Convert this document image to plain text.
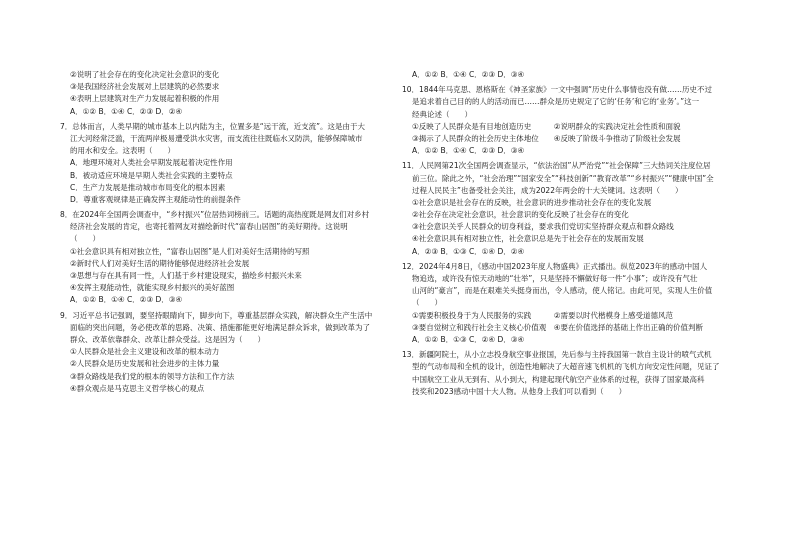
②说明了社会存在的变化决定社会意识的变化
③是我国经济社会发展对上层建筑的必然要求
④表明上层建筑对生产力发展起着积极的作用
A．①② B．①④ C．②③ D．②④
7．总体而言，人类早期的城市基本上以内陆为主，位置多是“远干流，近支流”。这是由于大
江大河经常泛滥，干流两岸极易遭受洪水灾害，而支流往往既临水又防洪，能够保障城市
的用水和安全。这表明（　　）
A．地理环境对人类社会早期发展起着决定性作用
B．被动适应环境是早期人类社会实践的主要特点
C．生产力发展是推动城市布局变化的根本因素
D．尊重客观规律是正确发挥主观能动性的前提条件
8．在2024年全国两会调查中，“乡村振兴”位居热词榜前三。话题的高热度既是网友们对乡村
经济社会发展的肯定，也寄托着网友对描绘新时代“富春山居图”的美好期待。这说明
（　　）
①社会意识具有相对独立性，“富春山居图”是人们对美好生活期待的写照
②新时代人们对美好生活的期待能够促进经济社会发展
③思想与存在具有同一性，人们基于乡村建设现实，描绘乡村振兴未来
④发挥主观能动性，就能实现乡村振兴的美好蓝图
A．①② B．①④ C．②③ D．③④
9．习近平总书记强调，要坚持眼睛向下，脚步向下，尊重基层群众实践，解决群众生产生活中
面临的突出问题，务必使改革的思路、决策、措施都能更好地满足群众诉求，做到改革为了
群众、改革依靠群众、改革让群众受益。这是因为（　　）
①人民群众是社会主义建设和改革的根本动力
②人民群众是历史发展和社会进步的主体力量
③群众路线是我们党的根本的领导方法和工作方法
④群众观点是马克思主义哲学核心的观点
A．①② B．①④ C．②③ D．③④
10．1844年马克思、恩格斯在《神圣家族》一文中强调“历史什么事情也没有做……历史不过
是追求着自己目的的人的活动而已……群众是历史规定了它的‘任务’和它的‘业务’。”这一
经典论述（　　）
①反映了人民群众是有目地创造历史　　　②说明群众的实践决定社会性质和面貌
③揭示了人民群众的社会历史主体地位　　④反映了阶级斗争推动了阶级社会发展
A．①② B．①④ C．②③ D．③④
11．人民网第21次全国两会调查显示，“依法治国”从严治党”“社会保障”三大热词关注度位居
前三位。除此之外，“社会治理”“国家安全”“科技创新”“教育改革”“乡村振兴”“健康中国”全
过程人民民主”也备受社会关注，成为2022年两会的十大关键词。这表明（　　）
①社会意识是社会存在的反映，社会意识的进步推动社会存在的变化发展
②社会存在决定社会意识，社会意识的变化反映了社会存在的变化
③社会意识关乎人民群众的切身利益，要求我们党切实坚持群众观点和群众路线
④社会意识具有相对独立性，社会意识总是先于社会存在的发展而发展
A．②③ B．①③ C．①④ D．②④
12．2024年4月8日，《感动中国2023年度人物盛典》正式播出。纵览2023年的感动中国人
物追选，或许没有惊天动地的“壮举”，只是坚持不懈做好每一件“小事”；或许没有气壮
山河的“豪言”，而是在艰难关头挺身而出，令人感动，使人铭记。由此可见，实现人生价值
（　　）
①需要积极投身于为人民服务的实践　　　②需要以时代楷模身上感受道德风范
③要自觉树立和践行社会主义核心价值观　④要在价值选择的基础上作出正确的价值判断
A．①② B．①③ C．②④ D．③④
13．新疆阿院士，从小立志投身航空事业报国，先后参与主持我国第一款自主设计的喷气式机
型的气动布局和全机的设计，创造性地解决了大超音速飞机机的飞机方向安定性问题，见证了
中国航空工业从无到有、从小到大，构建起现代航空产业体系的过程，获得了国家最高科
技奖和2023感动中国十大人物。从他身上我们可以看到（　　）
